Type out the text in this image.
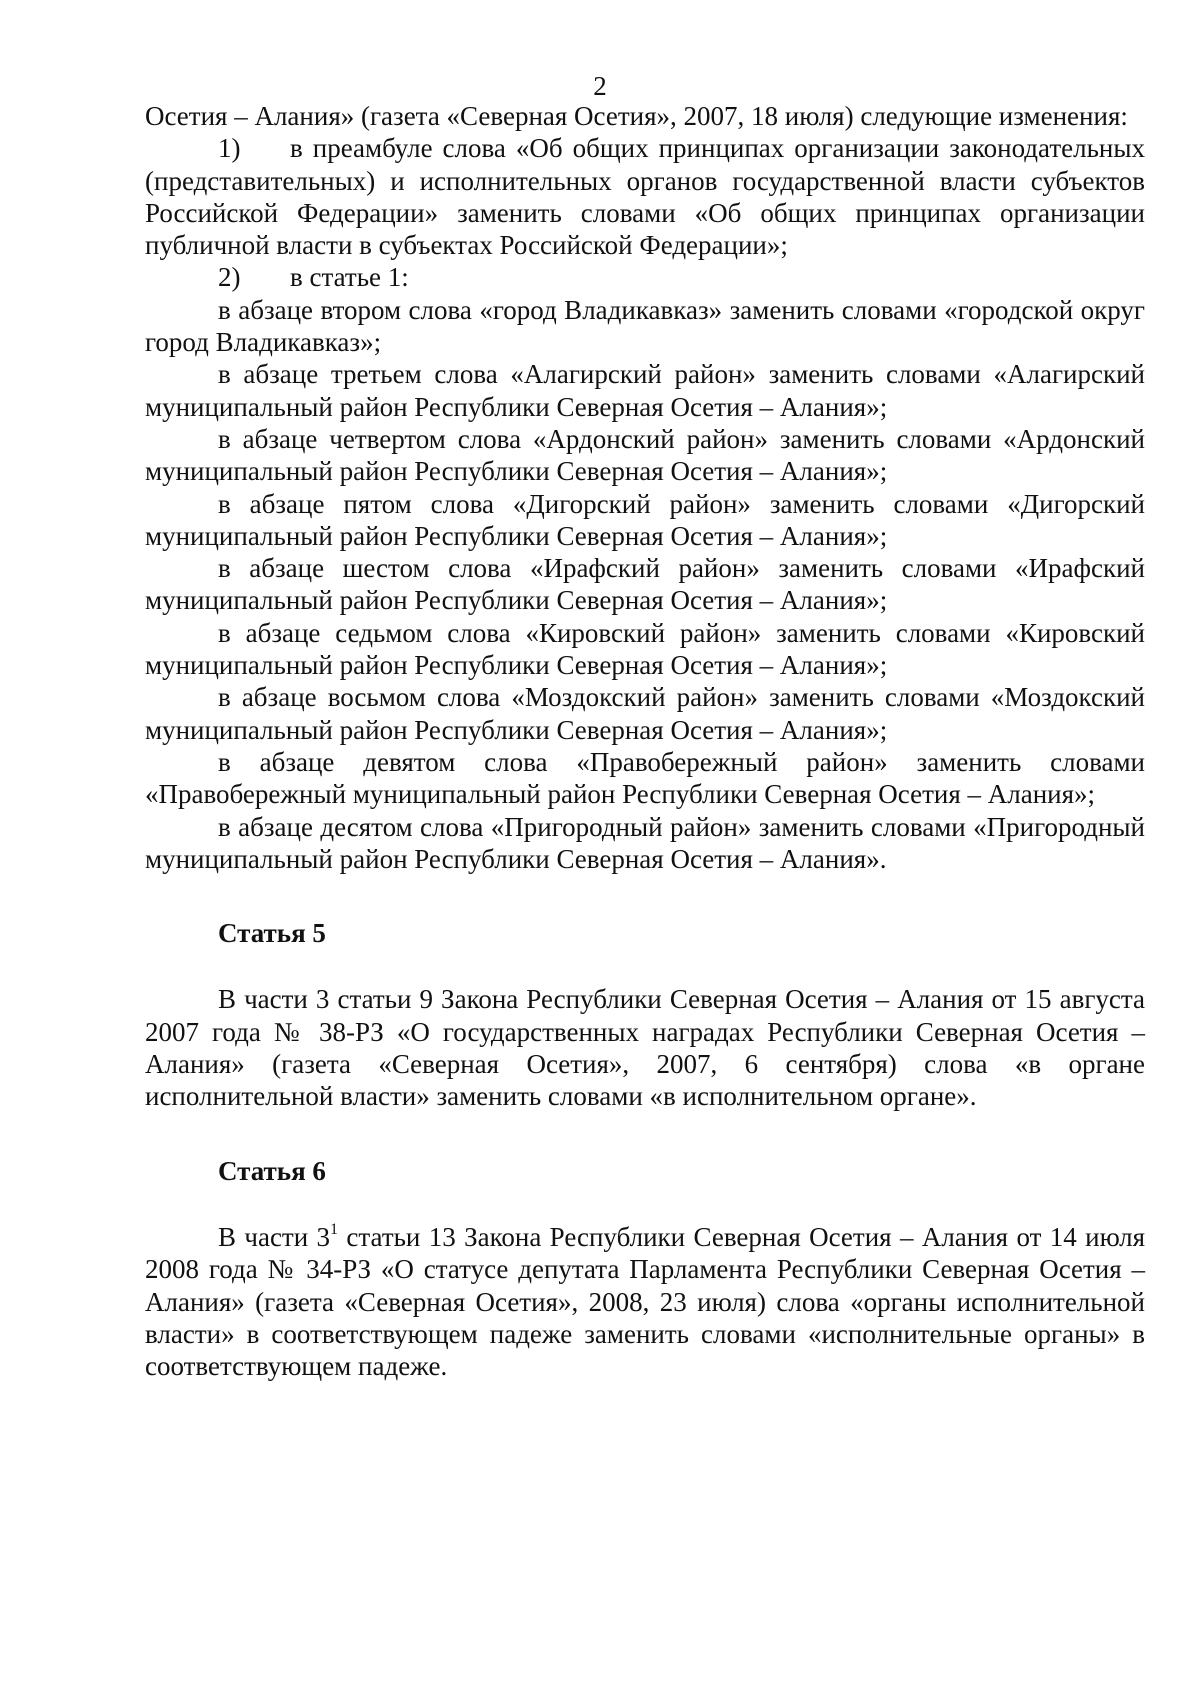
2

Осетия – Алания» (газета «Северная Осетия», 2007, 18 июля) следующие изменения:

1) в преамбуле слова «Об общих принципах организации законодательных (представительных) и исполнительных органов государственной власти субъектов Российской Федерации» заменить словами «Об общих принципах организации публичной власти в субъектах Российской Федерации»;

2) в статье 1:

в абзаце втором слова «город Владикавказ» заменить словами «городской округ город Владикавказ»;

в абзаце третьем слова «Алагирский район» заменить словами «Алагирский муниципальный район Республики Северная Осетия – Алания»;

в абзаце четвертом слова «Ардонский район» заменить словами «Ардонский муниципальный район Республики Северная Осетия – Алания»;

в абзаце пятом слова «Дигорский район» заменить словами «Дигорский муниципальный район Республики Северная Осетия – Алания»;

в абзаце шестом слова «Ирафский район» заменить словами «Ирафский муниципальный район Республики Северная Осетия – Алания»;

в абзаце седьмом слова «Кировский район» заменить словами «Кировский муниципальный район Республики Северная Осетия – Алания»;

в абзаце восьмом слова «Моздокский район» заменить словами «Моздокский муниципальный район Республики Северная Осетия – Алания»;

в абзаце девятом слова «Правобережный район» заменить словами «Правобережный муниципальный район Республики Северная Осетия – Алания»;

в абзаце десятом слова «Пригородный район» заменить словами «Пригородный муниципальный район Республики Северная Осетия – Алания».

Статья 5

В части 3 статьи 9 Закона Республики Северная Осетия – Алания от 15 августа 2007 года № 38-РЗ «О государственных наградах Республики Северная Осетия – Алания» (газета «Северная Осетия», 2007, 6 сентября) слова «в органе исполнительной власти» заменить словами «в исполнительном органе».

Статья 6

В части $3^1$ статьи 13 Закона Республики Северная Осетия – Алания от 14 июля 2008 года № 34-РЗ «О статусе депутата Парламента Республики Северная Осетия – Алания» (газета «Северная Осетия», 2008, 23 июля) слова «органы исполнительной власти» в соответствующем падеже заменить словами «исполнительные органы» в соответствующем падеже.
